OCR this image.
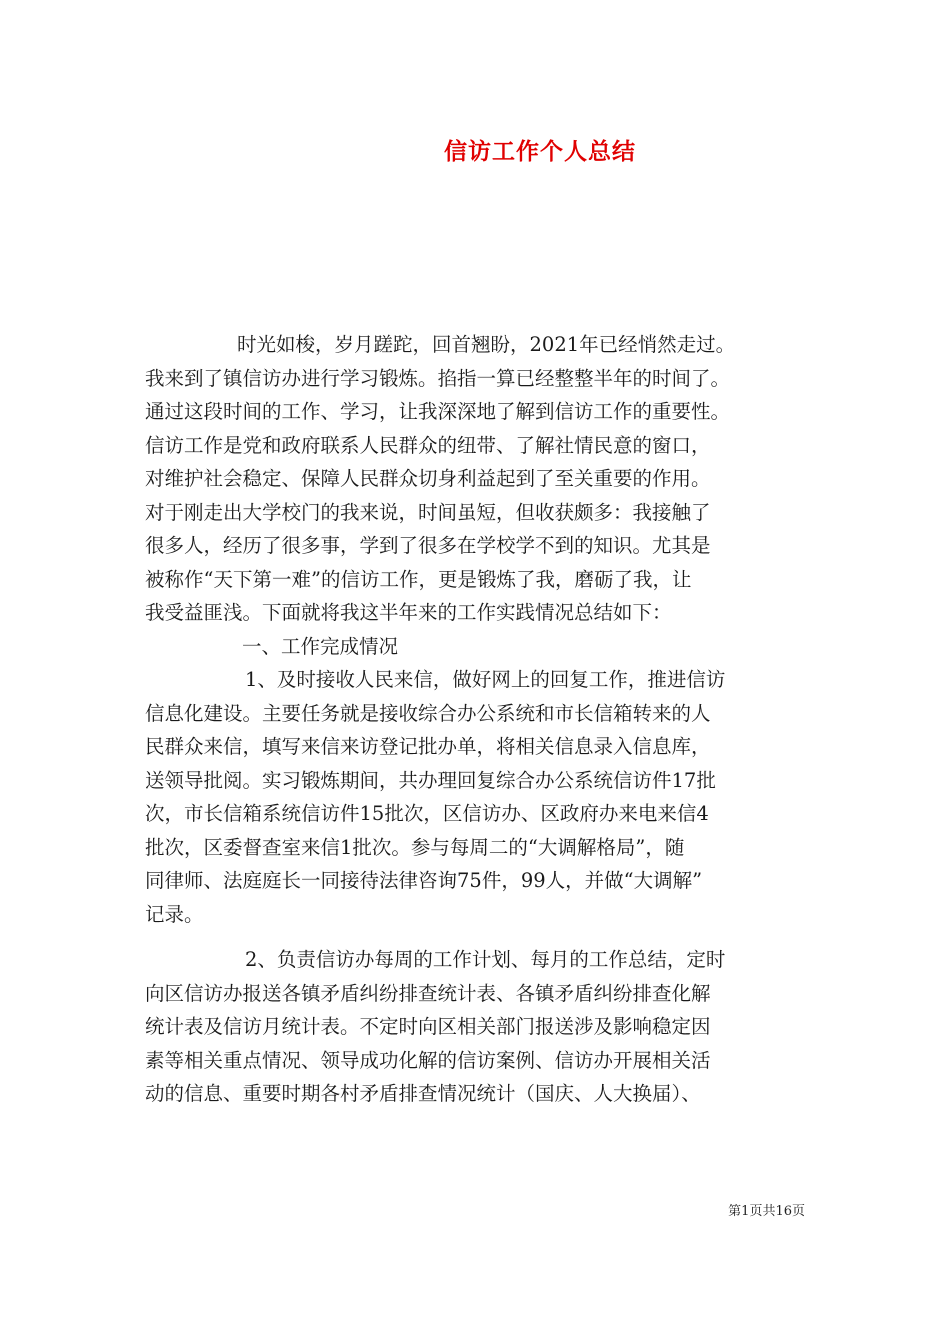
信访工作个人总结
时光如梭，岁月蹉跎，回首翘盼，2021年已经悄然走过。
我来到了镇信访办进行学习锻炼。掐指一算已经整整半年的时间了。
通过这段时间的工作、学习，让我深深地了解到信访工作的重要性。
信访工作是党和政府联系人民群众的纽带、了解社情民意的窗口，
对维护社会稳定、保障人民群众切身利益起到了至关重要的作用。
对于刚走出大学校门的我来说，时间虽短，但收获颇多：我接触了
很多人，经历了很多事，学到了很多在学校学不到的知识。尤其是
被称作“天下第一难”的信访工作，更是锻炼了我，磨砺了我，让
我受益匪浅。下面就将我这半年来的工作实践情况总结如下：
一、工作完成情况
1、及时接收人民来信，做好网上的回复工作，推进信访
信息化建设。主要任务就是接收综合办公系统和市长信箱转来的人
民群众来信，填写来信来访登记批办单，将相关信息录入信息库，
送领导批阅。实习锻炼期间，共办理回复综合办公系统信访件17批
次，市长信箱系统信访件15批次，区信访办、区政府办来电来信4
批次，区委督查室来信1批次。参与每周二的“大调解格局”，随
同律师、法庭庭长一同接待法律咨询75件，99人，并做“大调解”
记录。
2、负责信访办每周的工作计划、每月的工作总结，定时
向区信访办报送各镇矛盾纠纷排查统计表、各镇矛盾纠纷排查化解
统计表及信访月统计表。不定时向区相关部门报送涉及影响稳定因
素等相关重点情况、领导成功化解的信访案例、信访办开展相关活
动的信息、重要时期各村矛盾排查情况统计（国庆、人大换届）、
第1页共16页
